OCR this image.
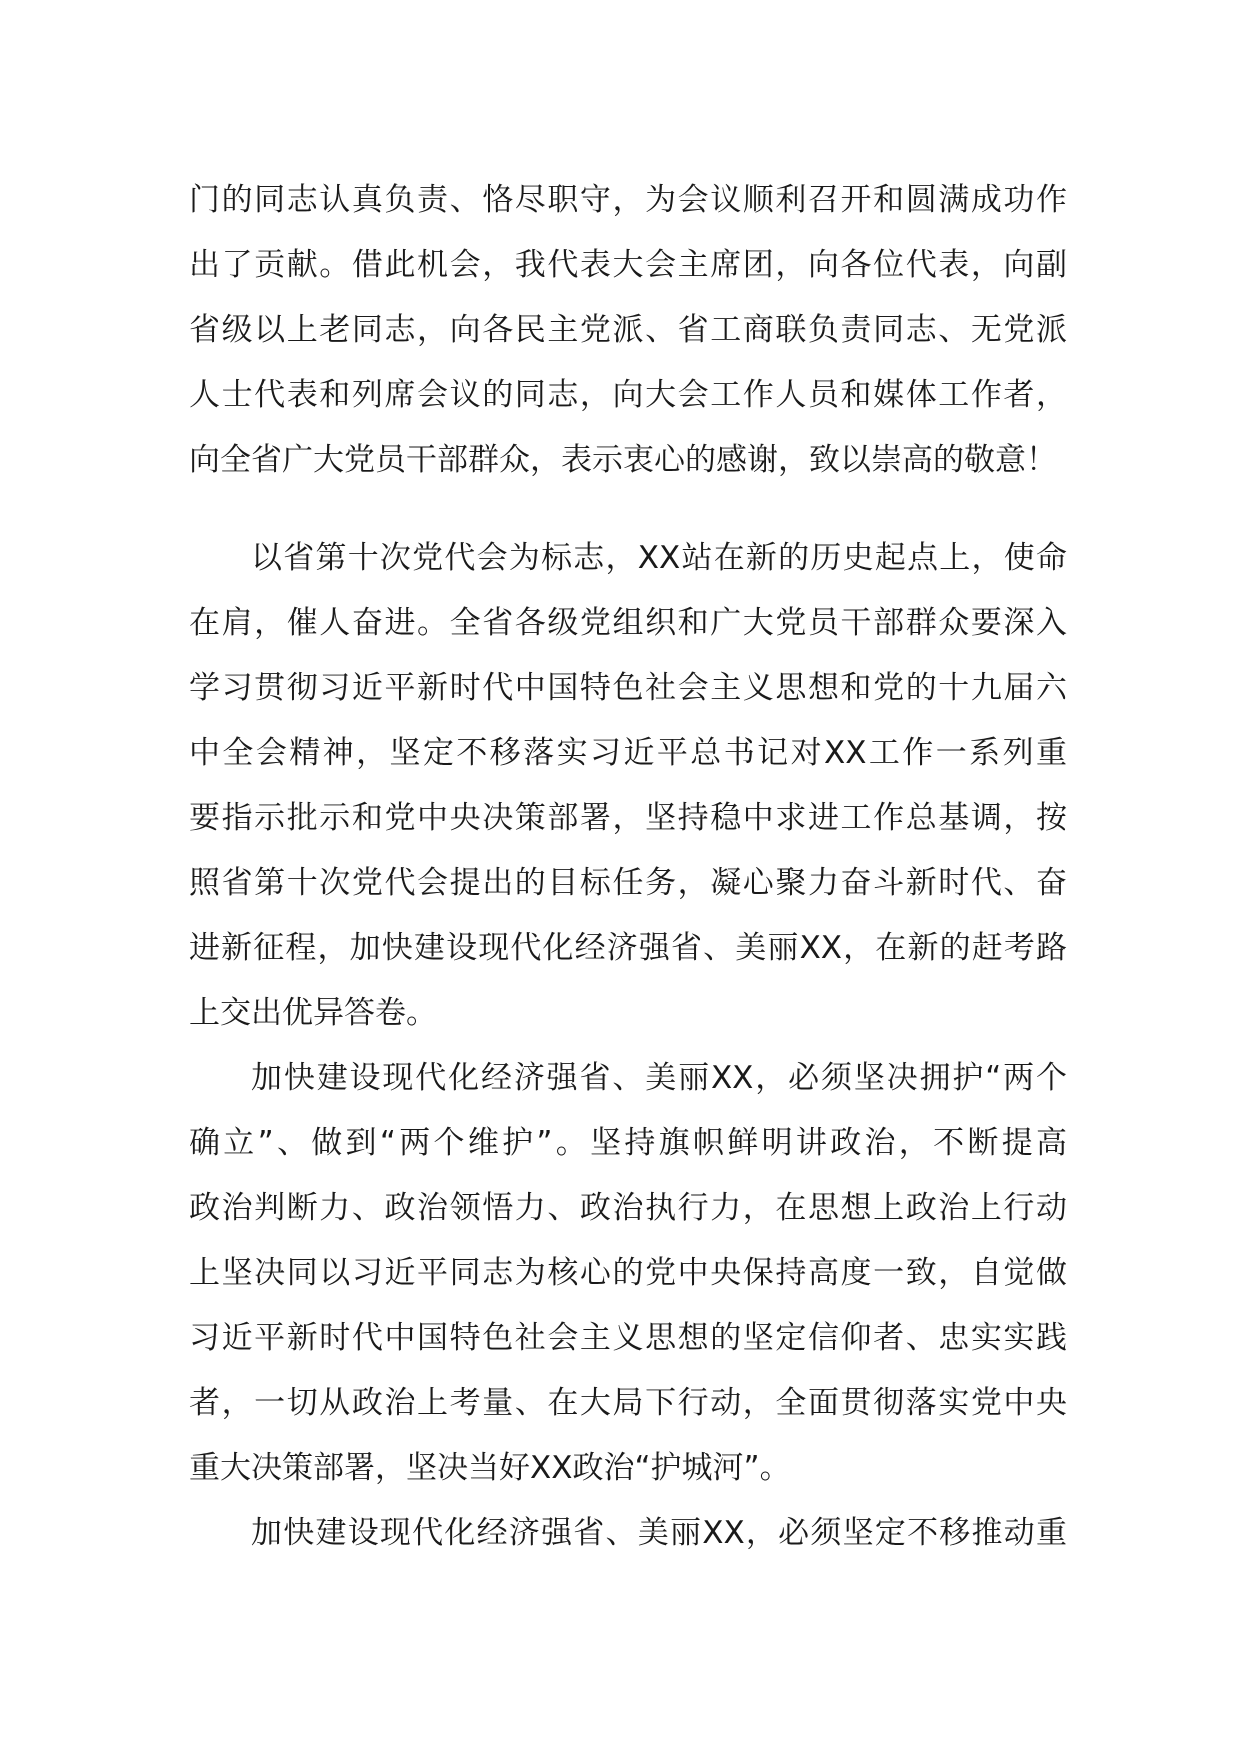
门的同志认真负责、恪尽职守，为会议顺利召开和圆满成功作
出了贡献。借此机会，我代表大会主席团，向各位代表，向副
省级以上老同志，向各民主党派、省工商联负责同志、无党派
人士代表和列席会议的同志，向大会工作人员和媒体工作者，
向全省广大党员干部群众，表示衷心的感谢，致以崇高的敬意！
以省第十次党代会为标志，XX站在新的历史起点上，使命
在肩，催人奋进。全省各级党组织和广大党员干部群众要深入
学习贯彻习近平新时代中国特色社会主义思想和党的十九届六
中全会精神，坚定不移落实习近平总书记对XX工作一系列重
要指示批示和党中央决策部署，坚持稳中求进工作总基调，按
照省第十次党代会提出的目标任务，凝心聚力奋斗新时代、奋
进新征程，加快建设现代化经济强省、美丽XX，在新的赶考路
上交出优异答卷。
加快建设现代化经济强省、美丽XX，必须坚决拥护“两个
确立”、做到“两个维护”。坚持旗帜鲜明讲政治，不断提高
政治判断力、政治领悟力、政治执行力，在思想上政治上行动
上坚决同以习近平同志为核心的党中央保持高度一致，自觉做
习近平新时代中国特色社会主义思想的坚定信仰者、忠实实践
者，一切从政治上考量、在大局下行动，全面贯彻落实党中央
重大决策部署，坚决当好XX政治“护城河”。
加快建设现代化经济强省、美丽XX，必须坚定不移推动重
